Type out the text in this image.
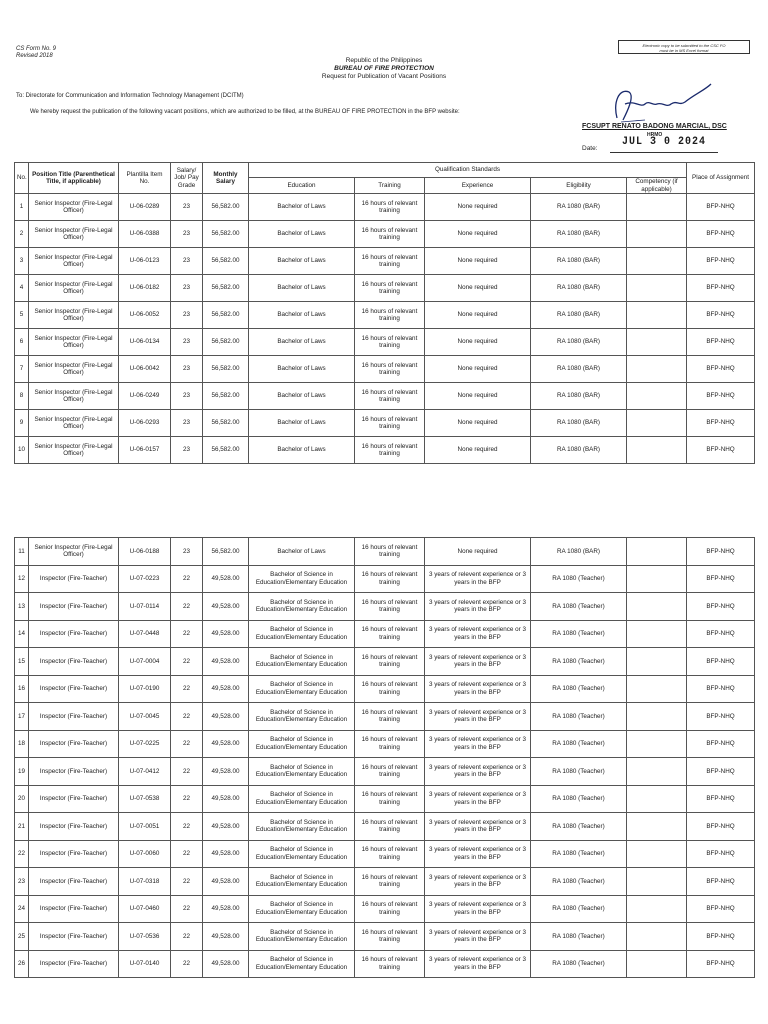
CS Form No. 9
Revised 2018
Electronic copy to be submitted to the CSC FO
must be in MS Excel format
Republic of the Philippines
BUREAU OF FIRE PROTECTION
Request for Publication of Vacant Positions
To: Directorate for Communication and Information Technology Management (DCITM)
We hereby request the publication of the following vacant positions, which are authorized to be filled, at the BUREAU OF FIRE PROTECTION in the BFP website:
FCSUPT RENATO BADONG MARCIAL, DSC
HRMO
JUL 3 0 2024
Date:
No.	Position Title (Parenthetical Title, if applicable)	Plantilla Item No.	Salary/ Job/ Pay Grade	Monthly Salary	Qualification Standards					Place of Assignment
					Education	Training	Experience	Eligibility	Competency (if applicable)	
1	Senior Inspector (Fire-Legal Officer)	U-06-0289	23	56,582.00	Bachelor of Laws	16 hours of relevant training	None required	RA 1080 (BAR)		BFP-NHQ
2	Senior Inspector (Fire-Legal Officer)	U-06-0388	23	56,582.00	Bachelor of Laws	16 hours of relevant training	None required	RA 1080 (BAR)		BFP-NHQ
3	Senior Inspector (Fire-Legal Officer)	U-06-0123	23	56,582.00	Bachelor of Laws	16 hours of relevant training	None required	RA 1080 (BAR)		BFP-NHQ
4	Senior Inspector (Fire-Legal Officer)	U-06-0182	23	56,582.00	Bachelor of Laws	16 hours of relevant training	None required	RA 1080 (BAR)		BFP-NHQ
5	Senior Inspector (Fire-Legal Officer)	U-06-0052	23	56,582.00	Bachelor of Laws	16 hours of relevant training	None required	RA 1080 (BAR)		BFP-NHQ
6	Senior Inspector (Fire-Legal Officer)	U-06-0134	23	56,582.00	Bachelor of Laws	16 hours of relevant training	None required	RA 1080 (BAR)		BFP-NHQ
7	Senior Inspector (Fire-Legal Officer)	U-06-0042	23	56,582.00	Bachelor of Laws	16 hours of relevant training	None required	RA 1080 (BAR)		BFP-NHQ
8	Senior Inspector (Fire-Legal Officer)	U-06-0249	23	56,582.00	Bachelor of Laws	16 hours of relevant training	None required	RA 1080 (BAR)		BFP-NHQ
9	Senior Inspector (Fire-Legal Officer)	U-06-0293	23	56,582.00	Bachelor of Laws	16 hours of relevant training	None required	RA 1080 (BAR)		BFP-NHQ
10	Senior Inspector (Fire-Legal Officer)	U-06-0157	23	56,582.00	Bachelor of Laws	16 hours of relevant training	None required	RA 1080 (BAR)		BFP-NHQ
11	Senior Inspector (Fire-Legal Officer)	U-06-0188	23	56,582.00	Bachelor of Laws	16 hours of relevant training	None required	RA 1080 (BAR)		BFP-NHQ
12	Inspector (Fire-Teacher)	U-07-0223	22	49,528.00	Bachelor of Science in Education/Elementary Education	16 hours of relevant training	3 years of relevent experience or 3 years in the BFP	RA 1080 (Teacher)		BFP-NHQ
13	Inspector (Fire-Teacher)	U-07-0114	22	49,528.00	Bachelor of Science in Education/Elementary Education	16 hours of relevant training	3 years of relevent experience or 3 years in the BFP	RA 1080 (Teacher)		BFP-NHQ
14	Inspector (Fire-Teacher)	U-07-0448	22	49,528.00	Bachelor of Science in Education/Elementary Education	16 hours of relevant training	3 years of relevent experience or 3 years in the BFP	RA 1080 (Teacher)		BFP-NHQ
15	Inspector (Fire-Teacher)	U-07-0004	22	49,528.00	Bachelor of Science in Education/Elementary Education	16 hours of relevant training	3 years of relevent experience or 3 years in the BFP	RA 1080 (Teacher)		BFP-NHQ
16	Inspector (Fire-Teacher)	U-07-0190	22	49,528.00	Bachelor of Science in Education/Elementary Education	16 hours of relevant training	3 years of relevent experience or 3 years in the BFP	RA 1080 (Teacher)		BFP-NHQ
17	Inspector (Fire-Teacher)	U-07-0045	22	49,528.00	Bachelor of Science in Education/Elementary Education	16 hours of relevant training	3 years of relevent experience or 3 years in the BFP	RA 1080 (Teacher)		BFP-NHQ
18	Inspector (Fire-Teacher)	U-07-0225	22	49,528.00	Bachelor of Science in Education/Elementary Education	16 hours of relevant training	3 years of relevent experience or 3 years in the BFP	RA 1080 (Teacher)		BFP-NHQ
19	Inspector (Fire-Teacher)	U-07-0412	22	49,528.00	Bachelor of Science in Education/Elementary Education	16 hours of relevant training	3 years of relevent experience or 3 years in the BFP	RA 1080 (Teacher)		BFP-NHQ
20	Inspector (Fire-Teacher)	U-07-0538	22	49,528.00	Bachelor of Science in Education/Elementary Education	16 hours of relevant training	3 years of relevent experience or 3 years in the BFP	RA 1080 (Teacher)		BFP-NHQ
21	Inspector (Fire-Teacher)	U-07-0051	22	49,528.00	Bachelor of Science in Education/Elementary Education	16 hours of relevant training	3 years of relevent experience or 3 years in the BFP	RA 1080 (Teacher)		BFP-NHQ
22	Inspector (Fire-Teacher)	U-07-0060	22	49,528.00	Bachelor of Science in Education/Elementary Education	16 hours of relevant training	3 years of relevent experience or 3 years in the BFP	RA 1080 (Teacher)		BFP-NHQ
23	Inspector (Fire-Teacher)	U-07-0318	22	49,528.00	Bachelor of Science in Education/Elementary Education	16 hours of relevant training	3 years of relevent experience or 3 years in the BFP	RA 1080 (Teacher)		BFP-NHQ
24	Inspector (Fire-Teacher)	U-07-0460	22	49,528.00	Bachelor of Science in Education/Elementary Education	16 hours of relevant training	3 years of relevent experience or 3 years in the BFP	RA 1080 (Teacher)		BFP-NHQ
25	Inspector (Fire-Teacher)	U-07-0536	22	49,528.00	Bachelor of Science in Education/Elementary Education	16 hours of relevant training	3 years of relevent experience or 3 years in the BFP	RA 1080 (Teacher)		BFP-NHQ
26	Inspector (Fire-Teacher)	U-07-0140	22	49,528.00	Bachelor of Science in Education/Elementary Education	16 hours of relevant training	3 years of relevent experience or 3 years in the BFP	RA 1080 (Teacher)		BFP-NHQ
